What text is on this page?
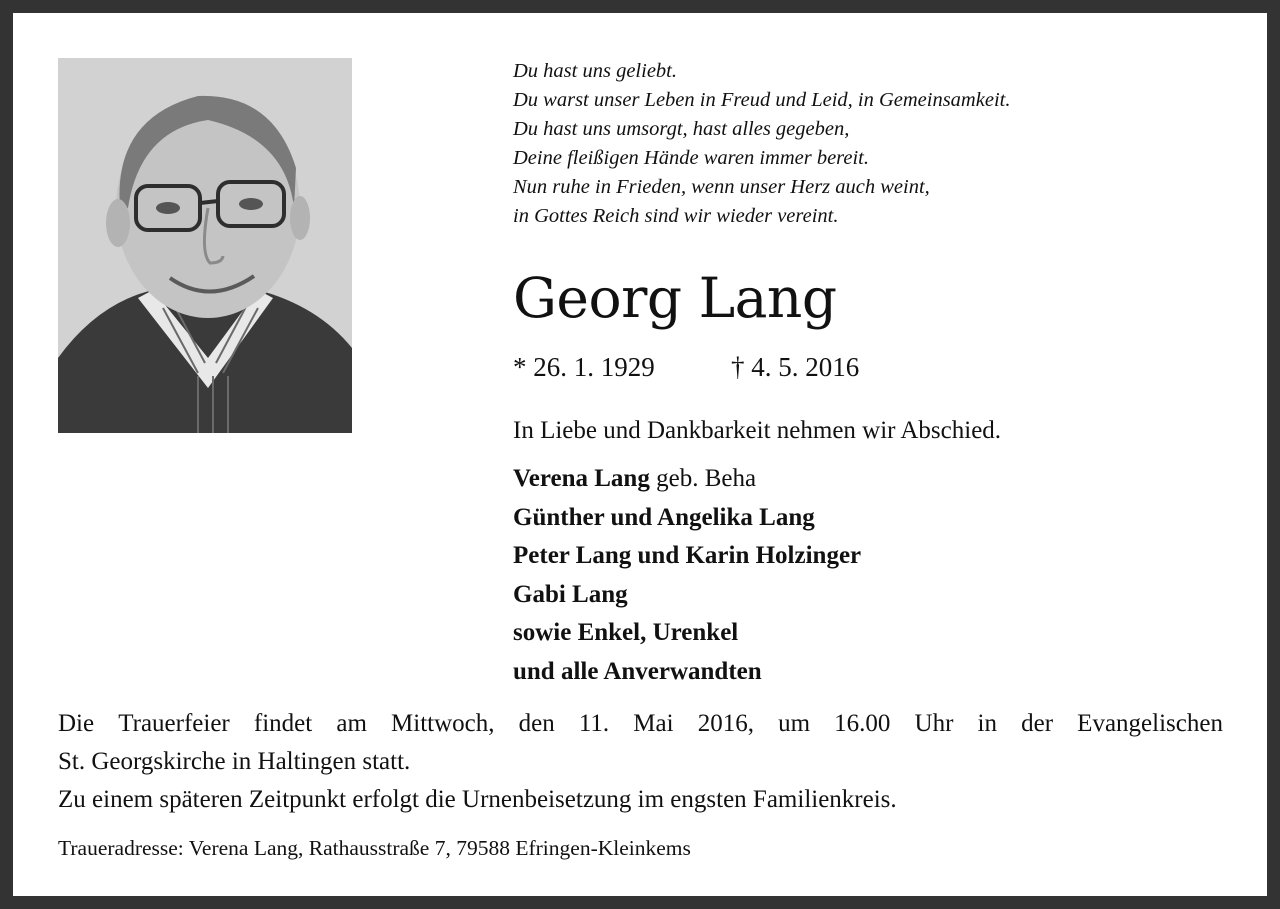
Du hast uns geliebt.
Du warst unser Leben in Freud und Leid, in Gemeinsamkeit.
Du hast uns umsorgt, hast alles gegeben,
Deine fleißigen Hände waren immer bereit.
Nun ruhe in Frieden, wenn unser Herz auch weint,
in Gottes Reich sind wir wieder vereint.
Georg Lang
* 26. 1. 1929	† 4. 5. 2016
In Liebe und Dankbarkeit nehmen wir Abschied.
Verena Lang geb. Beha
Günther und Angelika Lang
Peter Lang und Karin Holzinger
Gabi Lang
sowie Enkel, Urenkel
und alle Anverwandten
Die Trauerfeier findet am Mittwoch, den 11. Mai 2016, um 16.00 Uhr in der Evangelischen
St. Georgskirche in Haltingen statt.
Zu einem späteren Zeitpunkt erfolgt die Urnenbeisetzung im engsten Familienkreis.
Traueradresse: Verena Lang, Rathausstraße 7, 79588 Efringen-Kleinkems
